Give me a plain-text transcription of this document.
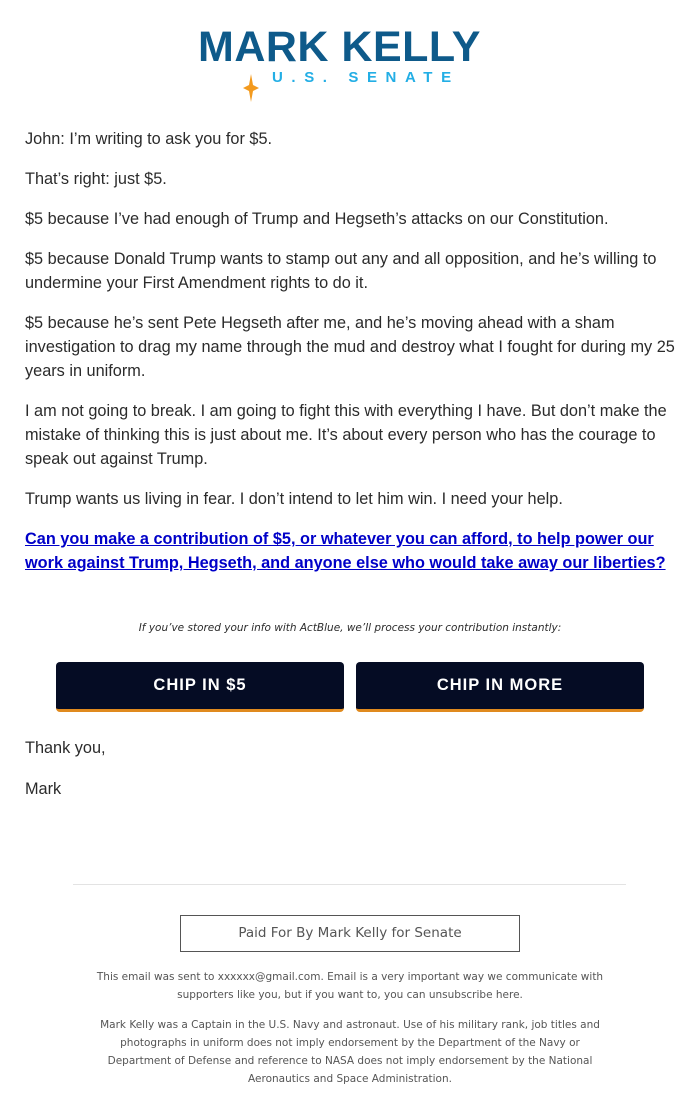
MARK KELLY
U.S. SENATE

John: I’m writing to ask you for $5.

That’s right: just $5.

$5 because I’ve had enough of Trump and Hegseth’s attacks on our Constitution.

$5 because Donald Trump wants to stamp out any and all opposition, and he’s willing to undermine your First Amendment rights to do it.

$5 because he’s sent Pete Hegseth after me, and he’s moving ahead with a sham investigation to drag my name through the mud and destroy what I fought for during my 25 years in uniform.

I am not going to break. I am going to fight this with everything I have. But don’t make the mistake of thinking this is just about me. It’s about every person who has the courage to speak out against Trump.

Trump wants us living in fear. I don’t intend to let him win. I need your help.

Can you make a contribution of $5, or whatever you can afford, to help power our work against Trump, Hegseth, and anyone else who would take away our liberties?
If you’ve stored your info with ActBlue, we’ll process your contribution instantly:
CHIP IN $5	CHIP IN MORE

Thank you,

Mark

Paid For By Mark Kelly for Senate
This email was sent to xxxxxx@gmail.com. Email is a very important way we communicate with supporters like you, but if you want to, you can unsubscribe here.
Mark Kelly was a Captain in the U.S. Navy and astronaut. Use of his military rank, job titles and photographs in uniform does not imply endorsement by the Department of the Navy or Department of Defense and reference to NASA does not imply endorsement by the National Aeronautics and Space Administration.
